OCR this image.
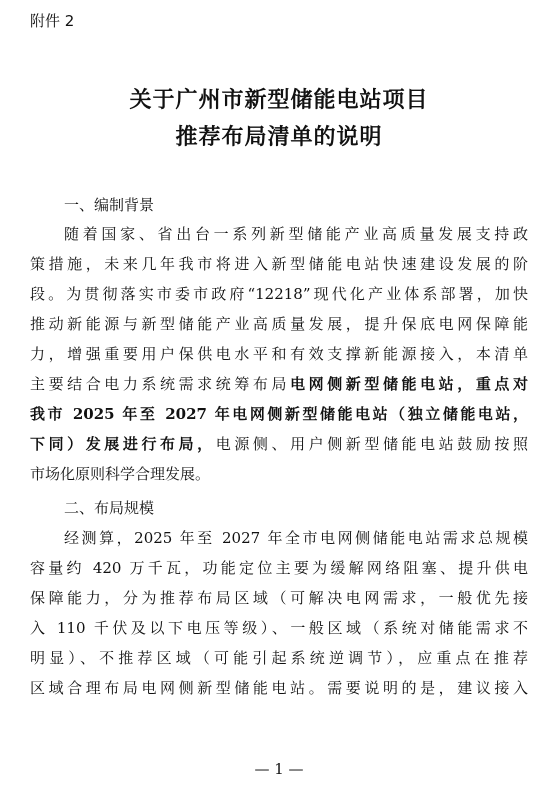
附件 2
关于广州市新型储能电站项目
推荐布局清单的说明
一、编制背景
随着国家、省出台一系列新型储能产业高质量发展支持政
策措施，未来几年我市将进入新型储能电站快速建设发展的阶
段。为贯彻落实市委市政府“12218”现代化产业体系部署，加快
推动新能源与新型储能产业高质量发展，提升保底电网保障能
力，增强重要用户保供电水平和有效支撑新能源接入，本清单
主要结合电力系统需求统筹布局电网侧新型储能电站，重点对
我市 2025 年至 2027 年电网侧新型储能电站（独立储能电站，
下同）发展进行布局，电源侧、用户侧新型储能电站鼓励按照
市场化原则科学合理发展。
二、布局规模
经测算，2025 年至 2027 年全市电网侧储能电站需求总规模
容量约 420 万千瓦，功能定位主要为缓解网络阻塞、提升供电
保障能力，分为推荐布局区域（可解决电网需求，一般优先接
入 110 千伏及以下电压等级）、一般区域（系统对储能需求不
明显）、不推荐区域（可能引起系统逆调节），应重点在推荐
区域合理布局电网侧新型储能电站。需要说明的是，建议接入
— 1 —
